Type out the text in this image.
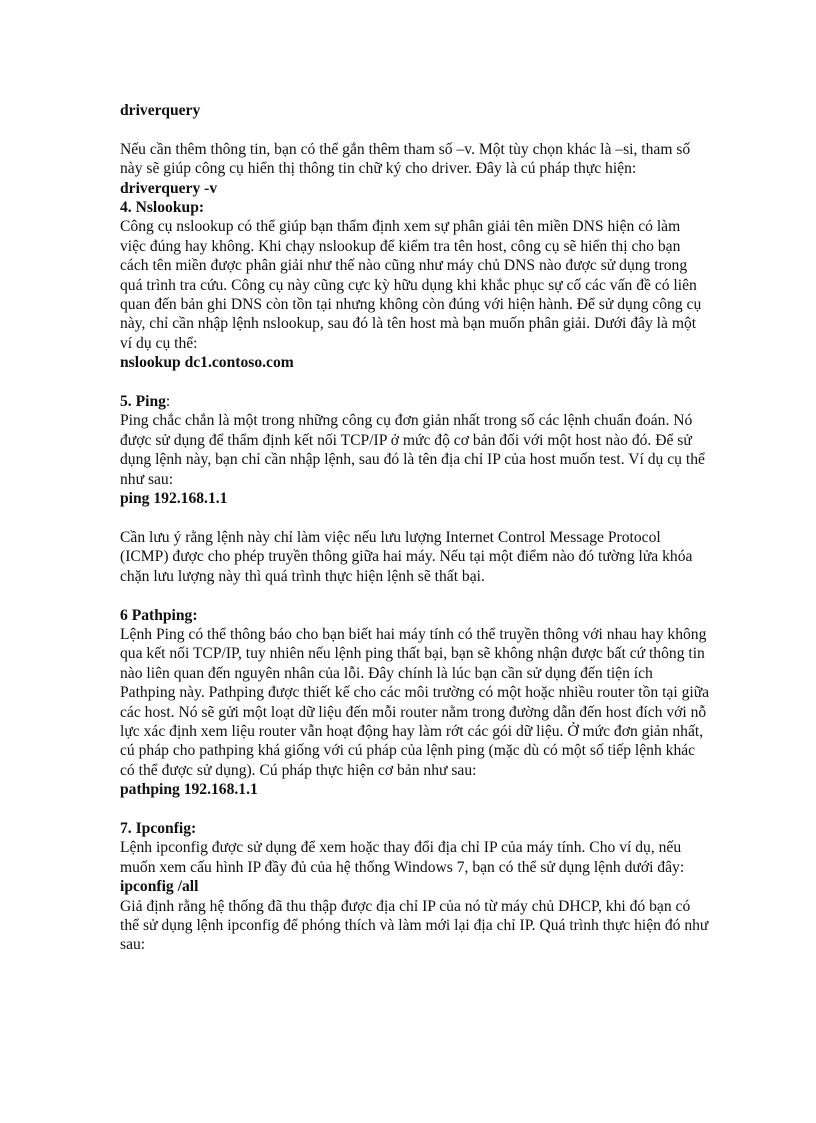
driverquery

Nếu cần thêm thông tin, bạn có thể gắn thêm tham số –v. Một tùy chọn khác là –si, tham số này sẽ giúp công cụ hiển thị thông tin chữ ký cho driver. Đây là cú pháp thực hiện:

driverquery -v

4. Nslookup:

Công cụ nslookup có thể giúp bạn thẩm định xem sự phân giải tên miền DNS hiện có làm việc đúng hay không. Khi chạy nslookup để kiểm tra tên host, công cụ sẽ hiển thị cho bạn cách tên miền được phân giải như thế nào cũng như máy chủ DNS nào được sử dụng trong quá trình tra cứu. Công cụ này cũng cực kỳ hữu dụng khi khắc phục sự cố các vấn đề có liên quan đến bản ghi DNS còn tồn tại nhưng không còn đúng với hiện hành. Để sử dụng công cụ này, chỉ cần nhập lệnh nslookup, sau đó là tên host mà bạn muốn phân giải. Dưới đây là một ví dụ cụ thể:

nslookup dc1.contoso.com

5. Ping:

Ping chắc chắn là một trong những công cụ đơn giản nhất trong số các lệnh chuẩn đoán. Nó được sử dụng để thẩm định kết nối TCP/IP ở mức độ cơ bản đối với một host nào đó. Để sử dụng lệnh này, bạn chỉ cần nhập lệnh, sau đó là tên địa chỉ IP của host muốn test. Ví dụ cụ thể như sau:

ping 192.168.1.1

Cần lưu ý rằng lệnh này chỉ làm việc nếu lưu lượng Internet Control Message Protocol (ICMP) được cho phép truyền thông giữa hai máy. Nếu tại một điểm nào đó tường lửa khóa chặn lưu lượng này thì quá trình thực hiện lệnh sẽ thất bại.

6 Pathping:

Lệnh Ping có thể thông báo cho bạn biết hai máy tính có thể truyền thông với nhau hay không qua kết nối TCP/IP, tuy nhiên nếu lệnh ping thất bại, bạn sẽ không nhận được bất cứ thông tin nào liên quan đến nguyên nhân của lỗi. Đây chính là lúc bạn cần sử dụng đến tiện ích Pathping này. Pathping được thiết kế cho các môi trường có một hoặc nhiều router tồn tại giữa các host. Nó sẽ gửi một loạt dữ liệu đến mỗi router nằm trong đường dẫn đến host đích với nỗ lực xác định xem liệu router vẫn hoạt động hay làm rớt các gói dữ liệu. Ở mức đơn giản nhất, cú pháp cho pathping khá giống với cú pháp của lệnh ping (mặc dù có một số tiếp lệnh khác có thể được sử dụng). Cú pháp thực hiện cơ bản như sau:

pathping 192.168.1.1

7. Ipconfig:

Lệnh ipconfig được sử dụng để xem hoặc thay đổi địa chỉ IP của máy tính. Cho ví dụ, nếu muốn xem cấu hình IP đầy đủ của hệ thống Windows 7, bạn có thể sử dụng lệnh dưới đây:

ipconfig /all

Giả định rằng hệ thống đã thu thập được địa chỉ IP của nó từ máy chủ DHCP, khi đó bạn có thể sử dụng lệnh ipconfig để phóng thích và làm mới lại địa chỉ IP. Quá trình thực hiện đó như sau:
